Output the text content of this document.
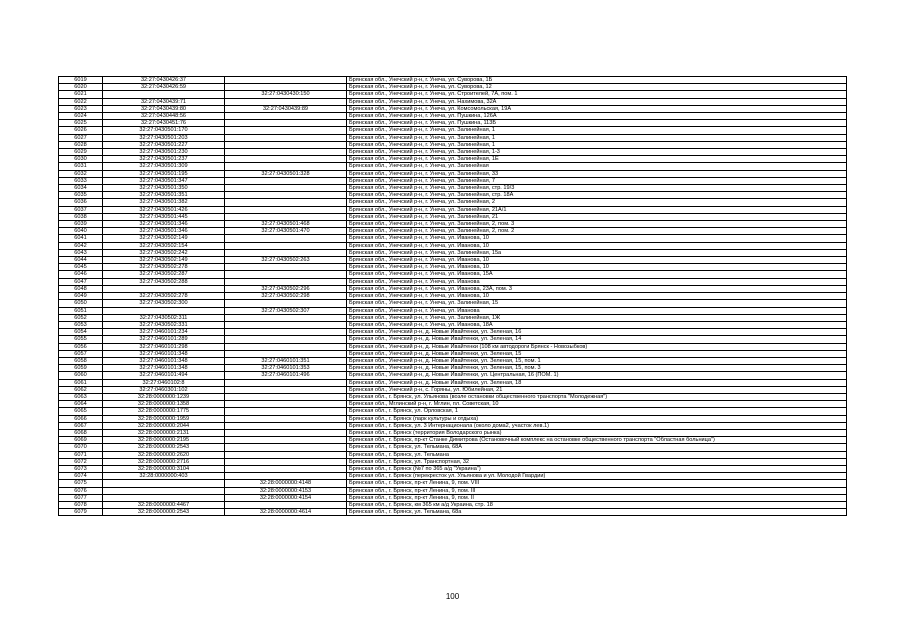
6019	32:27:0430426:37		Брянская обл., Унечский р-н, г. Унеча, ул. Суворова, 1Б
6020	32:27:0430426:59		Брянская обл., Унечский р-н, г. Унеча, ул. Суворова, 12
6021		32:27:0430430:150	Брянская обл., Унечский р-н, г. Унеча, ул. Строителей, 7А, пом. 1
6022	32:27:0430439:71		Брянская обл., Унечский р-н, г. Унеча, ул. Нахимова, 32А
6023	32:27:0430439:80	32:27:0430439:89	Брянская обл., Унечский р-н, г. Унеча, ул. Комсомольская, 19А
6024	32:27:0430448:56		Брянская обл., Унечский р-н, г. Унеча, ул. Пушкина, 126А
6025	32:27:0430451:76		Брянская обл., Унечский р-н, г. Унеча, ул. Пушкина, 113Б
6026	32:27:0430501:170		Брянская обл., Унечский р-н, г. Унеча, ул. Залинейная, 1
6027	32:27:0430501:203		Брянская обл., Унечский р-н, г. Унеча, ул. Залинейная, 1
6028	32:27:0430501:227		Брянская обл., Унечский р-н, г. Унеча, ул. Залинейная, 1
6029	32:27:0430501:230		Брянская обл., Унечский р-н, г. Унеча, ул. Залинейная, 1-3
6030	32:27:0430501:237		Брянская обл., Унечский р-н, г. Унеча, ул. Залинейная, 1Е
6031	32:27:0430501:309		Брянская обл., Унечский р-н, г. Унеча, ул. Залинейная
6032	32:27:0430501:195	32:27:0430501:328	Брянская обл., Унечский р-н, г. Унеча, ул. Залинейная, 33
6033	32:27:0430501:347		Брянская обл., Унечский р-н, г. Унеча, ул. Залинейная, 7
6034	32:27:0430501:350		Брянская обл., Унечский р-н, г. Унеча, ул. Залинейная, стр. 19/3
6035	32:27:0430501:351		Брянская обл., Унечский р-н, г. Унеча, ул. Залинейная, стр. 18А
6036	32:27:0430501:382		Брянская обл., Унечский р-н, г. Унеча, ул. Залинейная, 2
6037	32:27:0430501:426		Брянская обл., Унечский р-н, г. Унеча, ул. Залинейная, 21А/1
6038	32:27:0430501:445		Брянская обл., Унечский р-н, г. Унеча, ул. Залинейная, 21
6039	32:27:0430501:346	32:27:0430501:468	Брянская обл., Унечский р-н, г. Унеча, ул. Залинейная, 2, пом. 3
6040	32:27:0430501:346	32:27:0430501:470	Брянская обл., Унечский р-н, г. Унеча, ул. Залинейная, 2, пом. 2
6041	32:27:0430502:149		Брянская обл., Унечский р-н, г. Унеча, ул. Иванова, 10
6042	32:27:0430502:154		Брянская обл., Унечский р-н, г. Унеча, ул. Иванова, 10
6043	32:27:0430502:242		Брянская обл., Унечский р-н, г. Унеча, ул. Залинейная, 15а
6044	32:27:0430502:149	32:27:0430502:263	Брянская обл., Унечский р-н, г. Унеча, ул. Иванова, 10
6045	32:27:0430502:278		Брянская обл., Унечский р-н, г. Унеча, ул. Иванова, 10
6046	32:27:0430502:287		Брянская обл., Унечский р-н, г. Унеча, ул. Иванова, 15А
6047	32:27:0430502:288		Брянская обл., Унечский р-н, г. Унеча, ул. Иванова
6048		32:27:0430502:296	Брянская обл., Унечский р-н, г. Унеча, ул. Иванова, 23А, пом. 3
6049	32:27:0430502:278	32:27:0430502:298	Брянская обл., Унечский р-н, г. Унеча, ул. Иванова, 10
6050	32:27:0430502:300		Брянская обл., Унечский р-н, г. Унеча, ул. Залинейная, 15
6051		32:27:0430502:307	Брянская обл., Унечский р-н, г. Унеча, ул. Иванова
6052	32:27:0430502:311		Брянская обл., Унечский р-н, г. Унеча, ул. Залинейная, 1Ж
6053	32:27:0430502:331		Брянская обл., Унечский р-н, г. Унеча, ул. Иванова, 18А
6054	32:27:0460101:234		Брянская обл., Унечский р-н, д. Новые Ивайтенки, ул. Зеленая, 16
6055	32:27:0460101:289		Брянская обл., Унечский р-н, д. Новые Ивайтенки, ул. Зеленая, 14
6056	32:27:0460101:298		Брянская обл., Унечский р-н, д. Новые Ивайтенки (108 км автодороги Брянск - Новозыбков)
6057	32:27:0460101:348		Брянская обл., Унечский р-н, д. Новые Ивайтенки, ул. Зеленая, 15
6058	32:27:0460101:348	32:27:0460101:351	Брянская обл., Унечский р-н, д. Новые Ивайтенки, ул. Зеленая, 15, пом. 1
6059	32:27:0460101:348	32:27:0460101:353	Брянская обл., Унечский р-н, д. Новые Ивайтенки, ул. Зеленая, 15, пом. 3
6060	32:27:0460101:494	32:27:0460101:496	Брянская обл., Унечский р-н, д. Новые Ивайтенки, ул. Центральная, 16 (ПОМ. 1)
6061	32:27:0460102:8		Брянская обл., Унечский р-н, д. Новые Ивайтенки, ул. Зеленая, 18
6062	32:27:0460301:102		Брянская обл., Унечский р-н, с. Горяны, ул. Юбилейная, 21
6063	32:28:0000000:1239		Брянская обл., г. Брянск, ул. Ульянова (возле остановки общественного транспорта "Молодежная")
6064	32:28:0000000:1358		Брянская обл., Мглинский р-н, г. Мглин, пл. Советская, 10
6065	32:28:0000000:1775		Брянская обл., г. Брянск, ул. Орловская, 1
6066	32:28:0000000:1959		Брянская обл., г. Брянск (парк культуры и отдыха)
6067	32:28:0000000:2044		Брянская обл., г. Брянск, ул. 3 Интернационала (около дома2, участок лев.1)
6068	32:28:0000000:2131		Брянская обл., г. Брянск (территория Володарского рынка)
6069	32:28:0000000:2195		Брянская обл., г. Брянск, пр-кт Станке Димитрова (Остановочный комплекс на остановке общественного транспорта "Областная больница")
6070	32:28:0000000:2543		Брянская обл., г. Брянск, ул. Тельмана, 68А
6071	32:28:0000000:2620		Брянская обл., г. Брянск, ул. Тельмана
6072	32:28:0000000:2716		Брянская обл., г. Брянск, ул. Транспортная, 32
6073	32:28:0000000:3104		Брянская обл., г. Брянск (№7 по 365 a/д "Украина")
6074	32:28:0000000:403		Брянская обл., г. Брянск (перекресток ул. Ульянова и ул. Молодой Гвардии)
6075		32:28:0000000:4148	Брянская обл., г. Брянск, пр-кт Ленина, 9, пом. VIII
6076		32:28:0000000:4153	Брянская обл., г. Брянск, пр-кт Ленина, 9, пом. III
6077		32:28:0000000:4154	Брянская обл., г. Брянск, пр-кт Ленина, 9, пом. II
6078	32:28:0000000:4467		Брянская обл., г. Брянск, км 365 км а/д Украина, стр. 18
6079	32:28:0000000:2543	32:28:0000000:4614	Брянская обл., г. Брянск, ул. Тельмана, 68а
100
